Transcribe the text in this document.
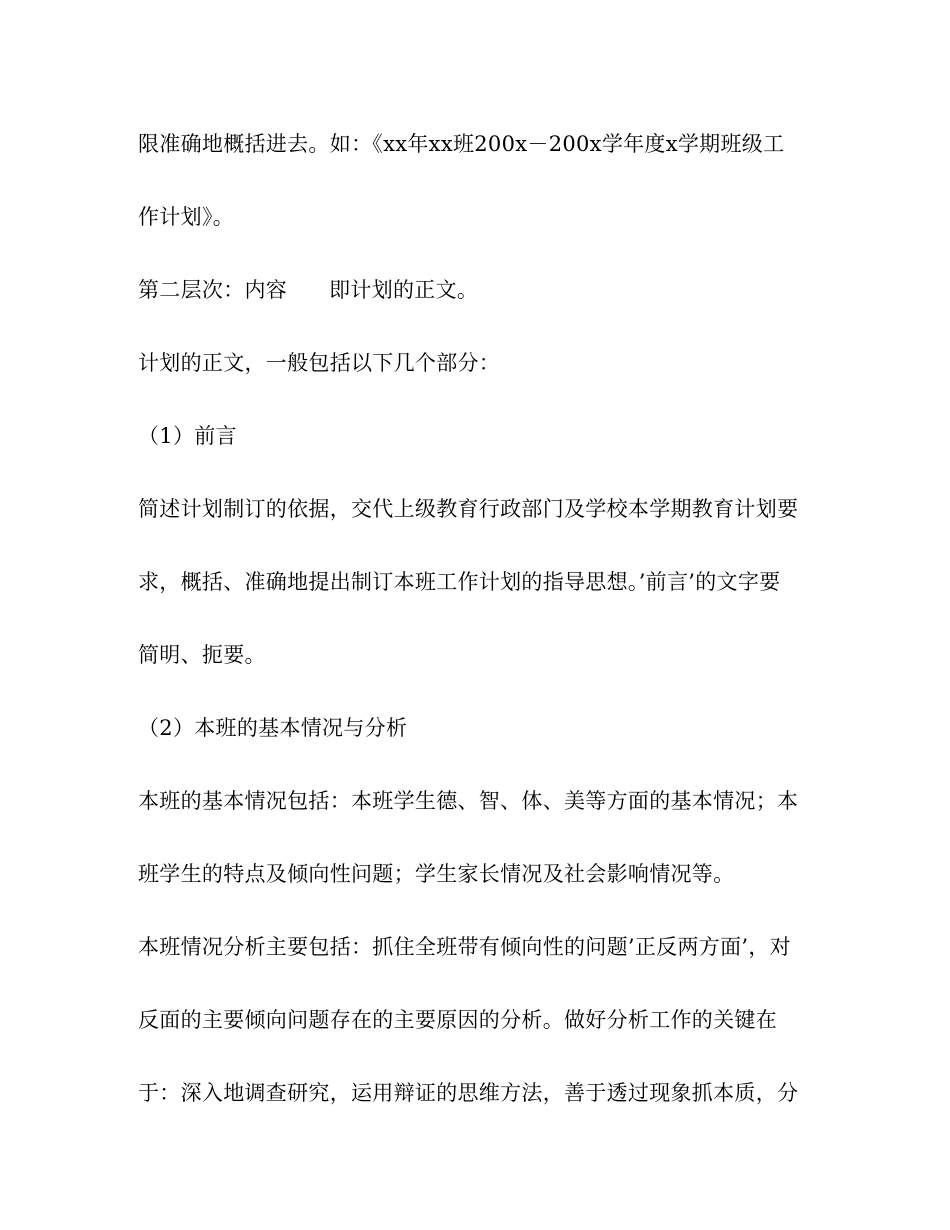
限准确地概括进去。如：《xx年xx班200x－200x学年度x学期班级工
作计划》。
第二层次：内容 即计划的正文。
计划的正文，一般包括以下几个部分：
（1）前言
简述计划制订的依据，交代上级教育行政部门及学校本学期教育计划要
求，概括、准确地提出制订本班工作计划的指导思想。’前言’的文字要
简明、扼要。
（2）本班的基本情况与分析
本班的基本情况包括：本班学生德、智、体、美等方面的基本情况；本
班学生的特点及倾向性问题；学生家长情况及社会影响情况等。
本班情况分析主要包括：抓住全班带有倾向性的问题’正反两方面’，对
反面的主要倾向问题存在的主要原因的分析。做好分析工作的关键在
于：深入地调查研究，运用辩证的思维方法，善于透过现象抓本质，分
